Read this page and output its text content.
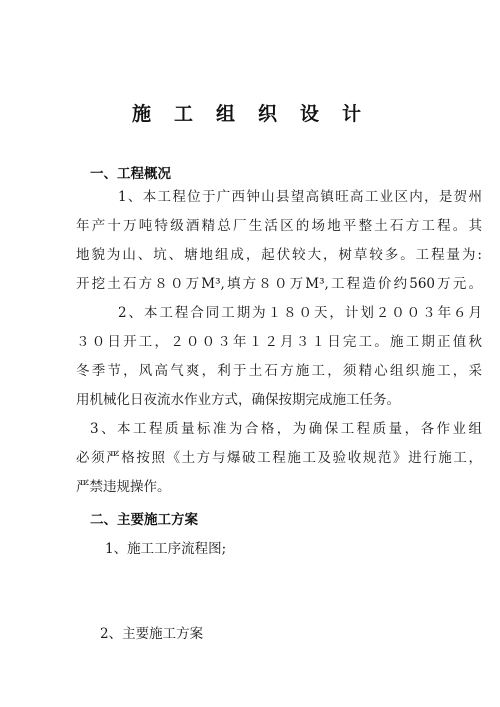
施工组织设计
一、工程概况
1、本工程位于广西钟山县望高镇旺高工业区内，是贺州
年产十万吨特级酒精总厂生活区的场地平整土石方工程。其
地貌为山、坑、塘地组成，起伏较大，树草较多。工程量为:
开挖土石方８０万M³,填方８０万M³,工程造价约560万元。
2、本工程合同工期为１８０天，计划２００３年６月
３０日开工，２００３年１２月３１日完工。施工期正值秋
冬季节，风高气爽，利于土石方施工，须精心组织施工，采
用机械化日夜流水作业方式，确保按期完成施工任务。
3、本工程质量标准为合格，为确保工程质量，各作业组
必须严格按照《土方与爆破工程施工及验收规范》进行施工，
严禁违规操作。
二、主要施工方案
1、施工工序流程图;
2、主要施工方案
